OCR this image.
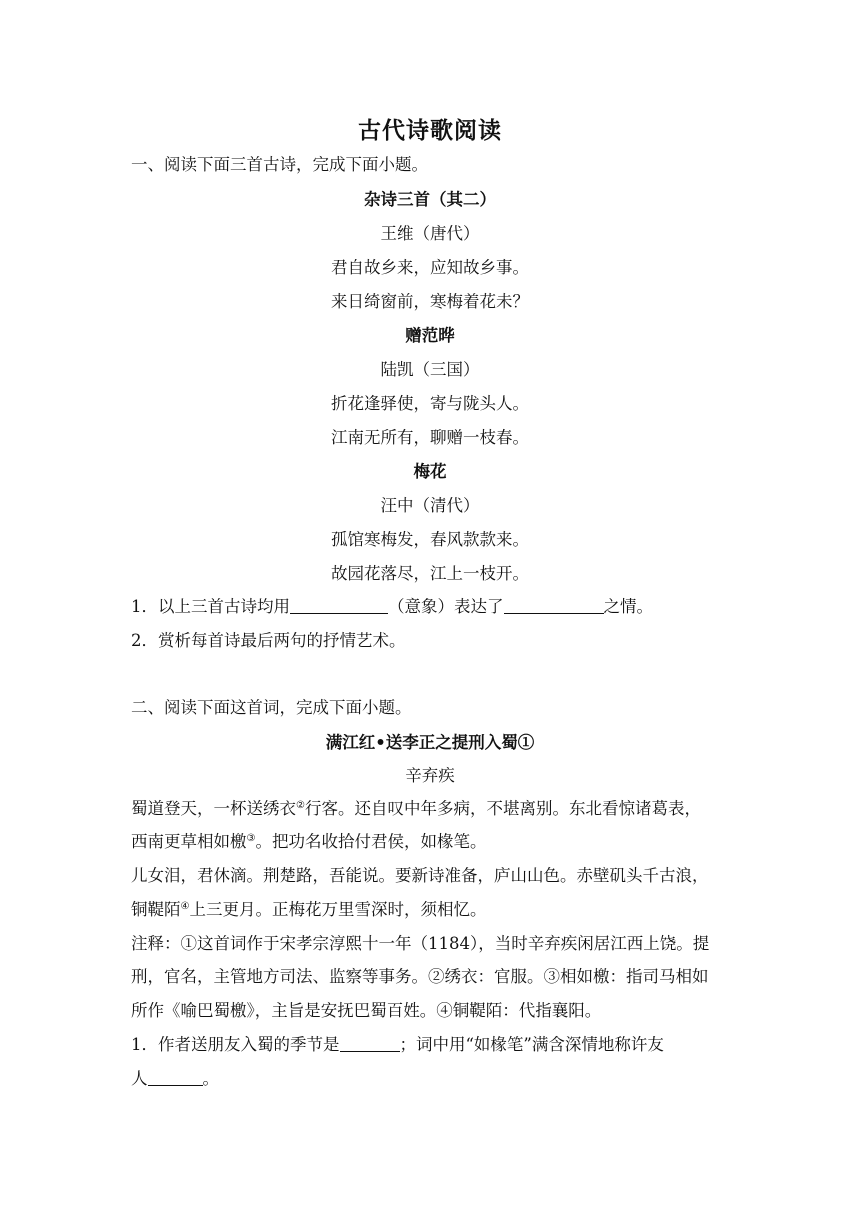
古代诗歌阅读
一、阅读下面三首古诗，完成下面小题。
杂诗三首（其二）
王维（唐代）
君自故乡来，应知故乡事。
来日绮窗前，寒梅着花未？
赠范晔
陆凯（三国）
折花逢驿使，寄与陇头人。
江南无所有，聊赠一枝春。
梅花
汪中（清代）
孤馆寒梅发，春风款款来。
故园花落尽，江上一枝开。
1．以上三首古诗均用	（意象）表达了	之情。
2．赏析每首诗最后两句的抒情艺术。
二、阅读下面这首词，完成下面小题。
满江红•送李正之提刑入蜀①
辛弃疾
蜀道登天，一杯送绣衣②行客。还自叹中年多病，不堪离别。东北看惊诸葛表，
西南更草相如檄③。把功名收拾付君侯，如椽笔。
儿女泪，君休滴。荆楚路，吾能说。要新诗准备，庐山山色。赤壁矶头千古浪，
铜鞮陌④上三更月。正梅花万里雪深时，须相忆。
注释：①这首词作于宋孝宗淳熙十一年（1184），当时辛弃疾闲居江西上饶。提
刑，官名，主管地方司法、监察等事务。②绣衣：官服。③相如檄：指司马相如
所作《喻巴蜀檄》，主旨是安抚巴蜀百姓。④铜鞮陌：代指襄阳。
1．作者送朋友入蜀的季节是	；词中用“如椽笔”满含深情地称许友
人	。
